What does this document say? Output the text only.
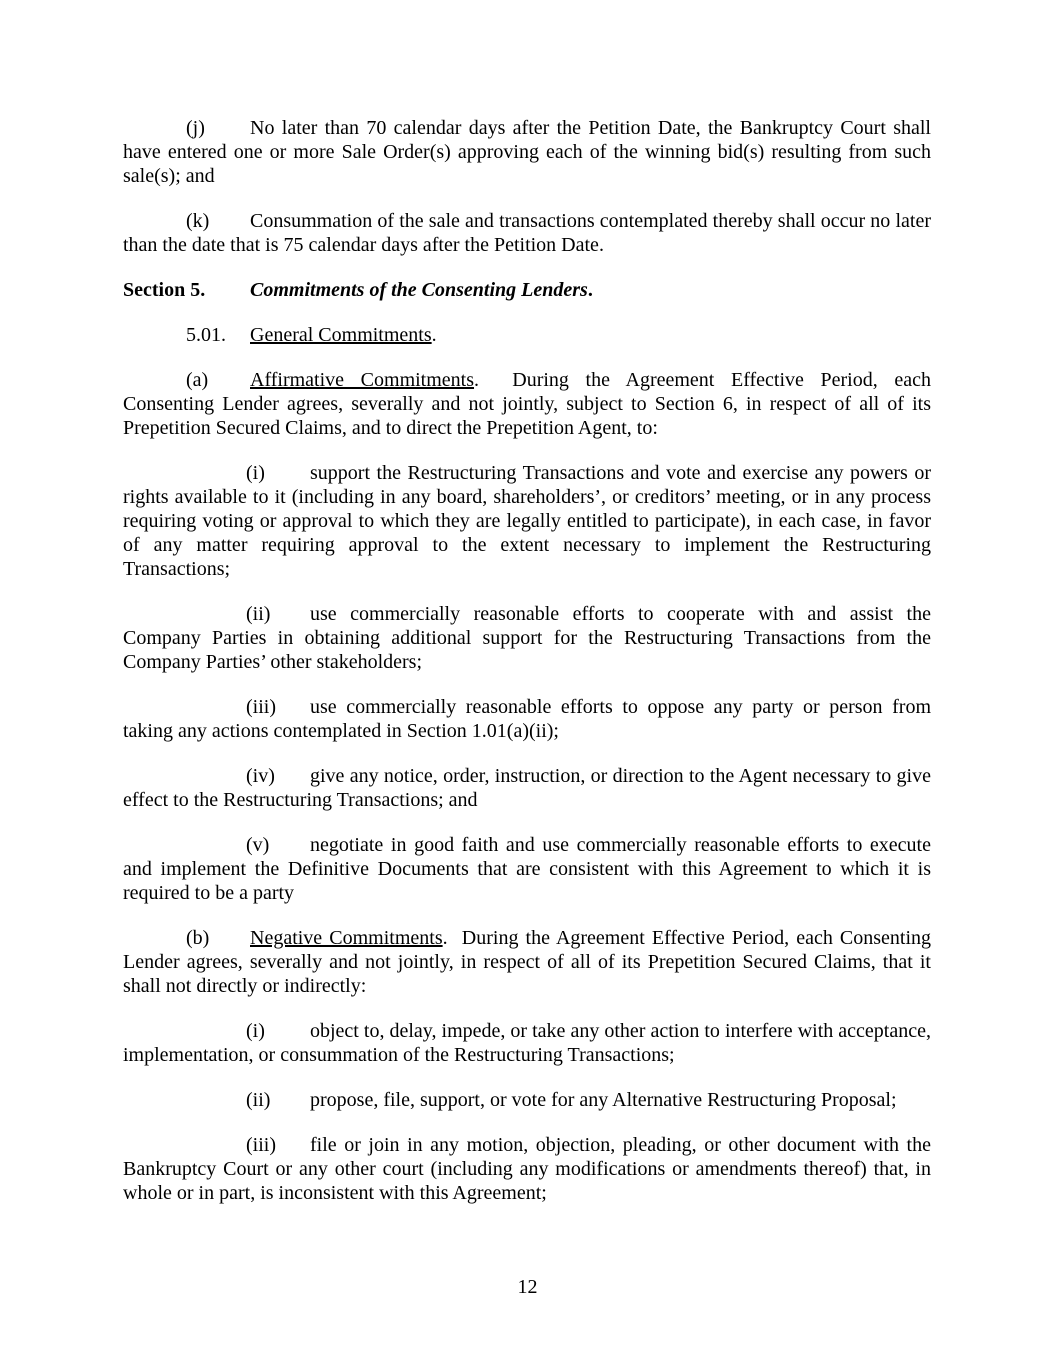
(j) No later than 70 calendar days after the Petition Date, the Bankruptcy Court shall have entered one or more Sale Order(s) approving each of the winning bid(s) resulting from such sale(s); and

(k) Consummation of the sale and transactions contemplated thereby shall occur no later than the date that is 75 calendar days after the Petition Date.

Section 5. Commitments of the Consenting Lenders.

5.01. General Commitments.

(a) Affirmative Commitments.  During the Agreement Effective Period, each Consenting Lender agrees, severally and not jointly, subject to Section 6, in respect of all of its Prepetition Secured Claims, and to direct the Prepetition Agent, to:

(i) support the Restructuring Transactions and vote and exercise any powers or rights available to it (including in any board, shareholders’, or creditors’ meeting, or in any process requiring voting or approval to which they are legally entitled to participate), in each case, in favor of any matter requiring approval to the extent necessary to implement the Restructuring Transactions;

(ii) use commercially reasonable efforts to cooperate with and assist the Company Parties in obtaining additional support for the Restructuring Transactions from the Company Parties’ other stakeholders;

(iii) use commercially reasonable efforts to oppose any party or person from taking any actions contemplated in Section 1.01(a)(ii);

(iv) give any notice, order, instruction, or direction to the Agent necessary to give effect to the Restructuring Transactions; and

(v) negotiate in good faith and use commercially reasonable efforts to execute and implement the Definitive Documents that are consistent with this Agreement to which it is required to be a party

(b) Negative Commitments.  During the Agreement Effective Period, each Consenting Lender agrees, severally and not jointly, in respect of all of its Prepetition Secured Claims, that it shall not directly or indirectly:

(i) object to, delay, impede, or take any other action to interfere with acceptance, implementation, or consummation of the Restructuring Transactions;

(ii) propose, file, support, or vote for any Alternative Restructuring Proposal;

(iii) file or join in any motion, objection, pleading, or other document with the Bankruptcy Court or any other court (including any modifications or amendments thereof) that, in whole or in part, is inconsistent with this Agreement;

12
